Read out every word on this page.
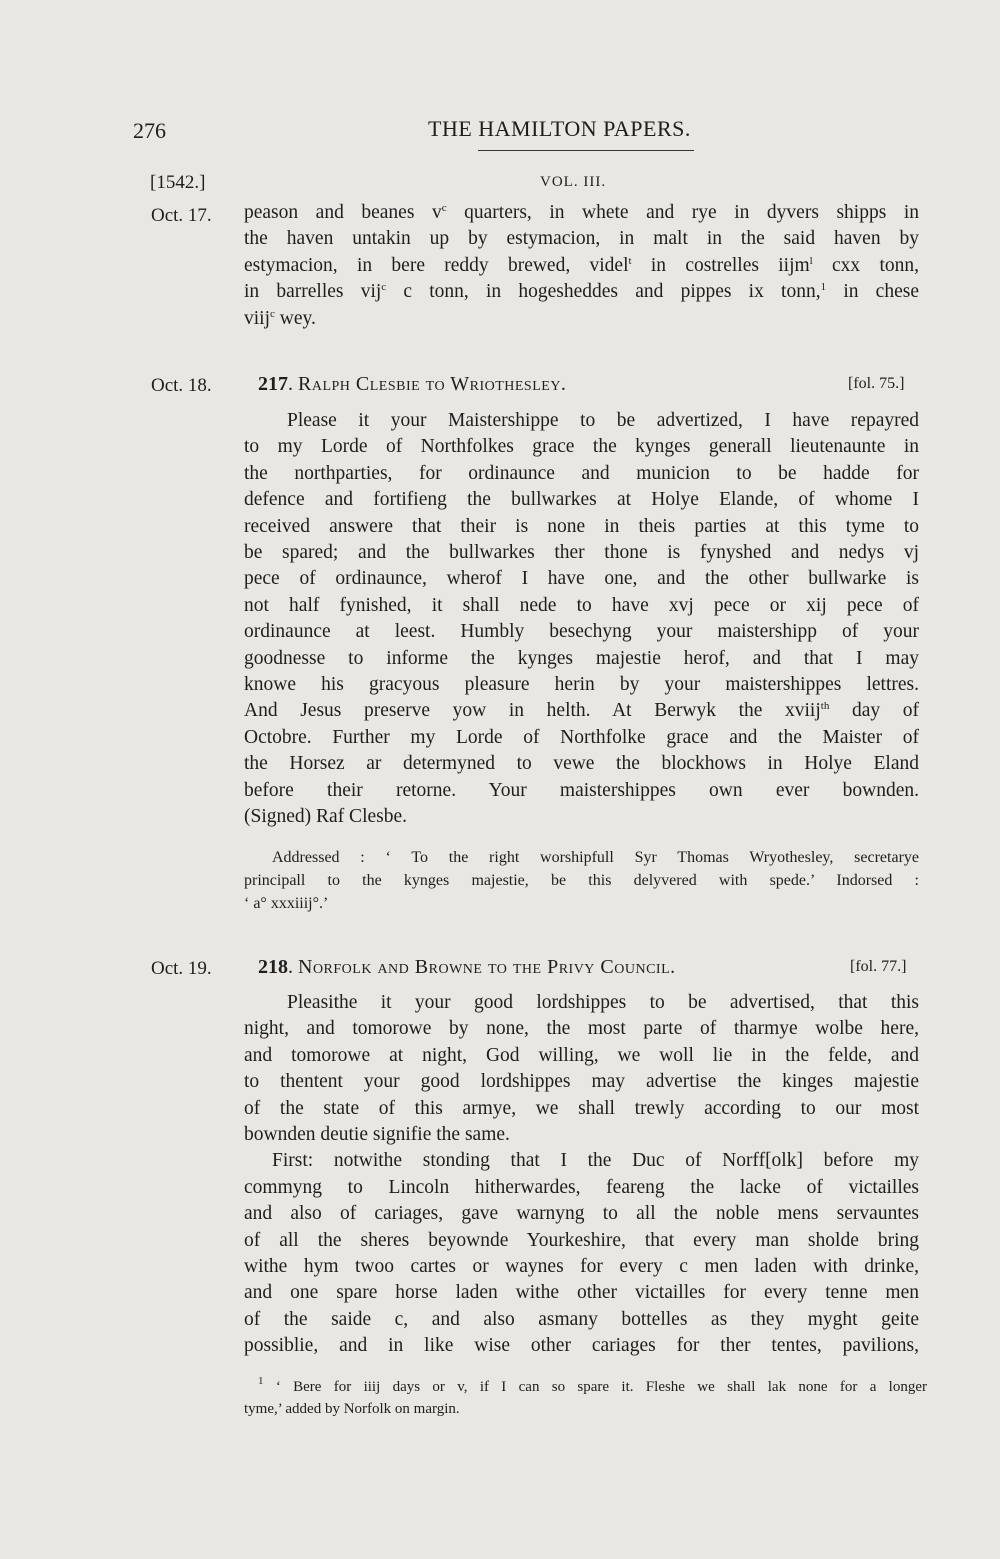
276	THE HAMILTON PAPERS.
[1542.]	VOL. III.
Oct. 17. peason and beanes $v^c$ quarters, in whete and rye in dyvers shipps in
the haven untakin up by estymacion, in malt in the said haven by
estymacion, in bere reddy brewed, videl$^t$ in costrelles iijm$^l$ cxx tonn,
in barrelles vij$^c$ c tonn, in hogesheddes and pippes ix tonn,$^1$ in chese
viij$^c$ wey.
Oct. 18. 217. Ralph Clesbie to Wriothesley.	[fol. 75.]
Please it your Maistershippe to be advertized, I have repayred
to my Lorde of Northfolkes grace the kynges generall lieutenaunte in
the northparties, for ordinaunce and municion to be hadde for
defence and fortifieng the bullwarkes at Holye Elande, of whome I
received answere that their is none in theis parties at this tyme to
be spared; and the bullwarkes ther thone is fynyshed and nedys vj
pece of ordinaunce, wherof I have one, and the other bullwarke is
not half fynished, it shall nede to have xvj pece or xij pece of
ordinaunce at leest. Humbly besechyng your maistershipp of your
goodnesse to informe the kynges majestie herof, and that I may
knowe his gracyous pleasure herin by your maistershippes lettres.
And Jesus preserve yow in helth. At Berwyk the xviij$^{th}$ day of
Octobre. Further my Lorde of Northfolke grace and the Maister of
the Horsez ar determyned to vewe the blockhows in Holye Eland
before their retorne. Your maistershippes own ever bownden.
(Signed) Raf Clesbe.
Addressed : ‘ To the right worshipfull Syr Thomas Wryothesley, secretarye
principall to the kynges majestie, be this delyvered with spede.’ Indorsed :
‘ a° xxxiiij°.’
Oct. 19. 218. Norfolk and Browne to the Privy Council.	[fol. 77.]
Pleasithe it your good lordshippes to be advertised, that this
night, and tomorowe by none, the most parte of tharmye wolbe here,
and tomorowe at night, God willing, we woll lie in the felde, and
to thentent your good lordshippes may advertise the kinges majestie
of the state of this armye, we shall trewly according to our most
bownden deutie signifie the same.
First: notwithe stonding that I the Duc of Norff[olk] before my
commyng to Lincoln hitherwardes, feareng the lacke of victailles
and also of cariages, gave warnyng to all the noble mens servauntes
of all the sheres beyownde Yourkeshire, that every man sholde bring
withe hym twoo cartes or waynes for every c men laden with drinke,
and one spare horse laden withe other victailles for every tenne men
of the saide c, and also asmany bottelles as they myght geite
possiblie, and in like wise other cariages for ther tentes, pavilions,
$^1$ ‘ Bere for iiij days or v, if I can so spare it. Fleshe we shall lak none for a longer
tyme,’ added by Norfolk on margin.
